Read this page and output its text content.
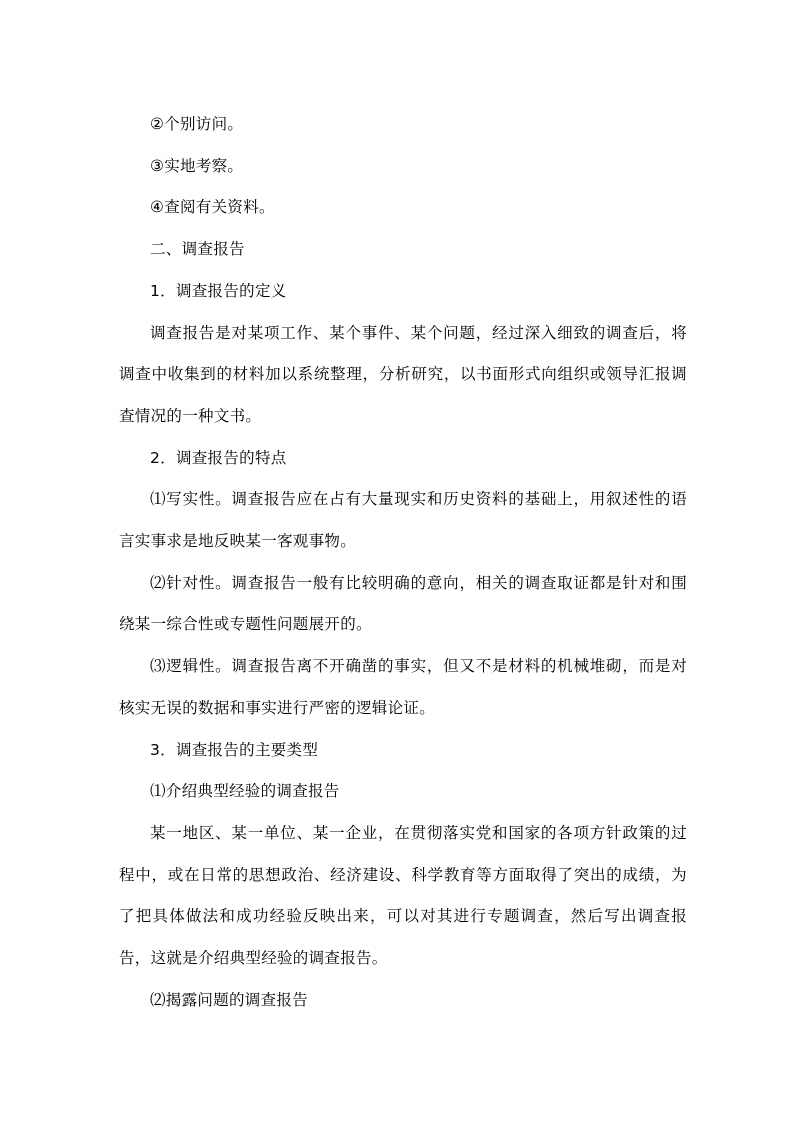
②个别访问。

③实地考察。

④查阅有关资料。

二、调查报告

1．调查报告的定义

调查报告是对某项工作、某个事件、某个问题，经过深入细致的调查后，将调查中收集到的材料加以系统整理，分析研究，以书面形式向组织或领导汇报调查情况的一种文书。

2．调查报告的特点

⑴写实性。调查报告应在占有大量现实和历史资料的基础上，用叙述性的语言实事求是地反映某一客观事物。

⑵针对性。调查报告一般有比较明确的意向，相关的调查取证都是针对和围绕某一综合性或专题性问题展开的。

⑶逻辑性。调查报告离不开确凿的事实，但又不是材料的机械堆砌，而是对核实无误的数据和事实进行严密的逻辑论证。

3．调查报告的主要类型

⑴介绍典型经验的调查报告

某一地区、某一单位、某一企业，在贯彻落实党和国家的各项方针政策的过程中，或在日常的思想政治、经济建设、科学教育等方面取得了突出的成绩，为了把具体做法和成功经验反映出来，可以对其进行专题调查，然后写出调查报告，这就是介绍典型经验的调查报告。

⑵揭露问题的调查报告
